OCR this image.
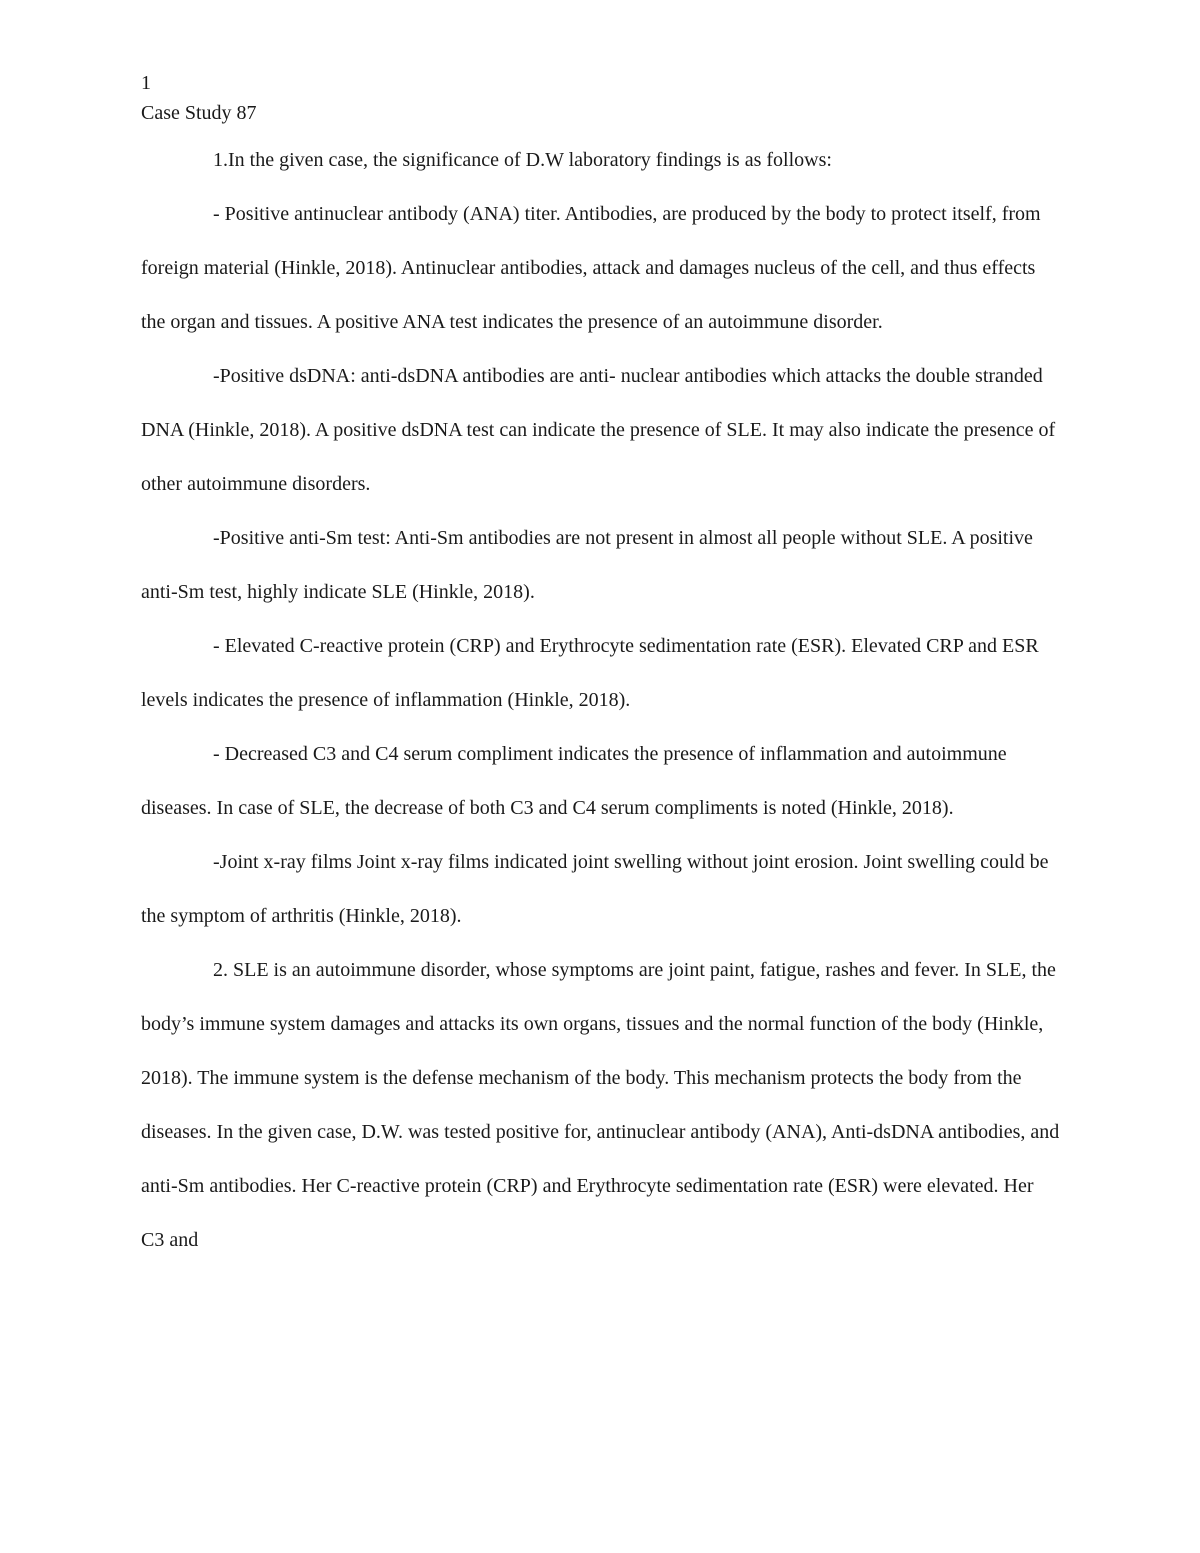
1
Case Study 87

1.In the given case, the significance of D.W laboratory findings is as follows:

- Positive antinuclear antibody (ANA) titer. Antibodies, are produced by the body to protect itself, from foreign material (Hinkle, 2018). Antinuclear antibodies, attack and damages nucleus of the cell, and thus effects the organ and tissues. A positive ANA test indicates the presence of an autoimmune disorder.

-Positive dsDNA: anti-dsDNA antibodies are anti- nuclear antibodies which attacks the double stranded DNA (Hinkle, 2018). A positive dsDNA test can indicate the presence of SLE. It may also indicate the presence of other autoimmune disorders.

-Positive anti-Sm test: Anti-Sm antibodies are not present in almost all people without SLE. A positive anti-Sm test, highly indicate SLE (Hinkle, 2018).

- Elevated C-reactive protein (CRP) and Erythrocyte sedimentation rate (ESR). Elevated CRP and ESR levels indicates the presence of inflammation (Hinkle, 2018).

- Decreased C3 and C4 serum compliment indicates the presence of inflammation and autoimmune diseases. In case of SLE, the decrease of both C3 and C4 serum compliments is noted (Hinkle, 2018).

-Joint x-ray films Joint x-ray films indicated joint swelling without joint erosion. Joint swelling could be the symptom of arthritis (Hinkle, 2018).

2. SLE is an autoimmune disorder, whose symptoms are joint paint, fatigue, rashes and fever. In SLE, the body’s immune system damages and attacks its own organs, tissues and the normal function of the body (Hinkle, 2018). The immune system is the defense mechanism of the body. This mechanism protects the body from the diseases. In the given case, D.W. was tested positive for, antinuclear antibody (ANA), Anti-dsDNA antibodies, and anti-Sm antibodies. Her C-reactive protein (CRP) and Erythrocyte sedimentation rate (ESR) were elevated. Her C3 and
